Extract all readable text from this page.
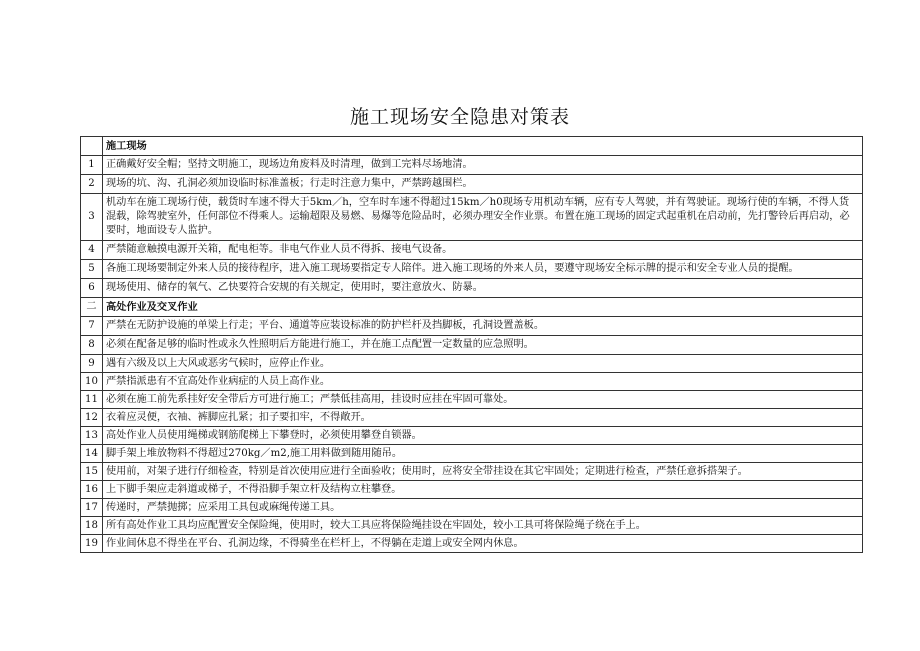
施工现场安全隐患对策表
	施工现场
1	正确戴好安全帽；坚持文明施工，现场边角废料及时清理，做到工完料尽场地清。
2	现场的坑、沟、孔洞必须加设临时标准盖板；行走时注意力集中，严禁跨越围栏。
3	机动车在施工现场行使，载货时车速不得大于5km／h，空车时车速不得超过15km／h0现场专用机动车辆，应有专人驾驶，并有驾驶证。现场行使的车辆，不得人货混载，除驾驶室外，任何部位不得乘人。运输超限及易燃、易爆等危险品时，必须办理安全作业票。布置在施工现场的固定式起重机在启动前，先打警铃后再启动，必要时，地面设专人监护。
4	严禁随意触摸电源开关箱，配电柜等。非电气作业人员不得拆、接电气设备。
5	各施工现场要制定外来人员的接待程序，进入施工现场要指定专人陪伴。进入施工现场的外来人员，要遵守现场安全标示牌的提示和安全专业人员的提醒。
6	现场使用、储存的氧气、乙快要符合安规的有关规定，使用时，要注意放火、防暴。
二	高处作业及交叉作业
7	严禁在无防护设施的单梁上行走；平台、通道等应装设标准的防护栏杆及挡脚板，孔洞设置盖板。
8	必须在配备足够的临时性或永久性照明后方能进行施工，并在施工点配置一定数量的应急照明。
9	遇有六级及以上大风或恶劣气候时，应停止作业。
10	严禁指派患有不宜高处作业病症的人员上高作业。
11	必须在施工前先系挂好安全带后方可进行施工；严禁低挂高用，挂设时应挂在牢固可靠处。
12	衣着应灵便，衣袖、裤脚应扎紧；扣子要扣牢，不得敞开。
13	高处作业人员使用绳梯或钢筋爬梯上下攀登时，必须使用攀登自锁器。
14	脚手架上堆放物料不得超过270kg／m2,施工用料做到随用随吊。
15	使用前，对架子进行仔细检查，特别是首次使用应进行全面验收；使用时，应将安全带挂设在其它牢固处；定期进行检查，严禁任意拆搭架子。
16	上下脚手架应走斜道或梯子，不得沿脚手架立杆及结构立柱攀登。
17	传递时，严禁抛掷；应采用工具包或麻绳传递工具。
18	所有高处作业工具均应配置安全保险绳，使用时，较大工具应将保险绳挂设在牢固处，较小工具可将保险绳子绕在手上。
19	作业间休息不得坐在平台、孔洞边缘，不得骑坐在栏杆上，不得躺在走道上或安全网内休息。
